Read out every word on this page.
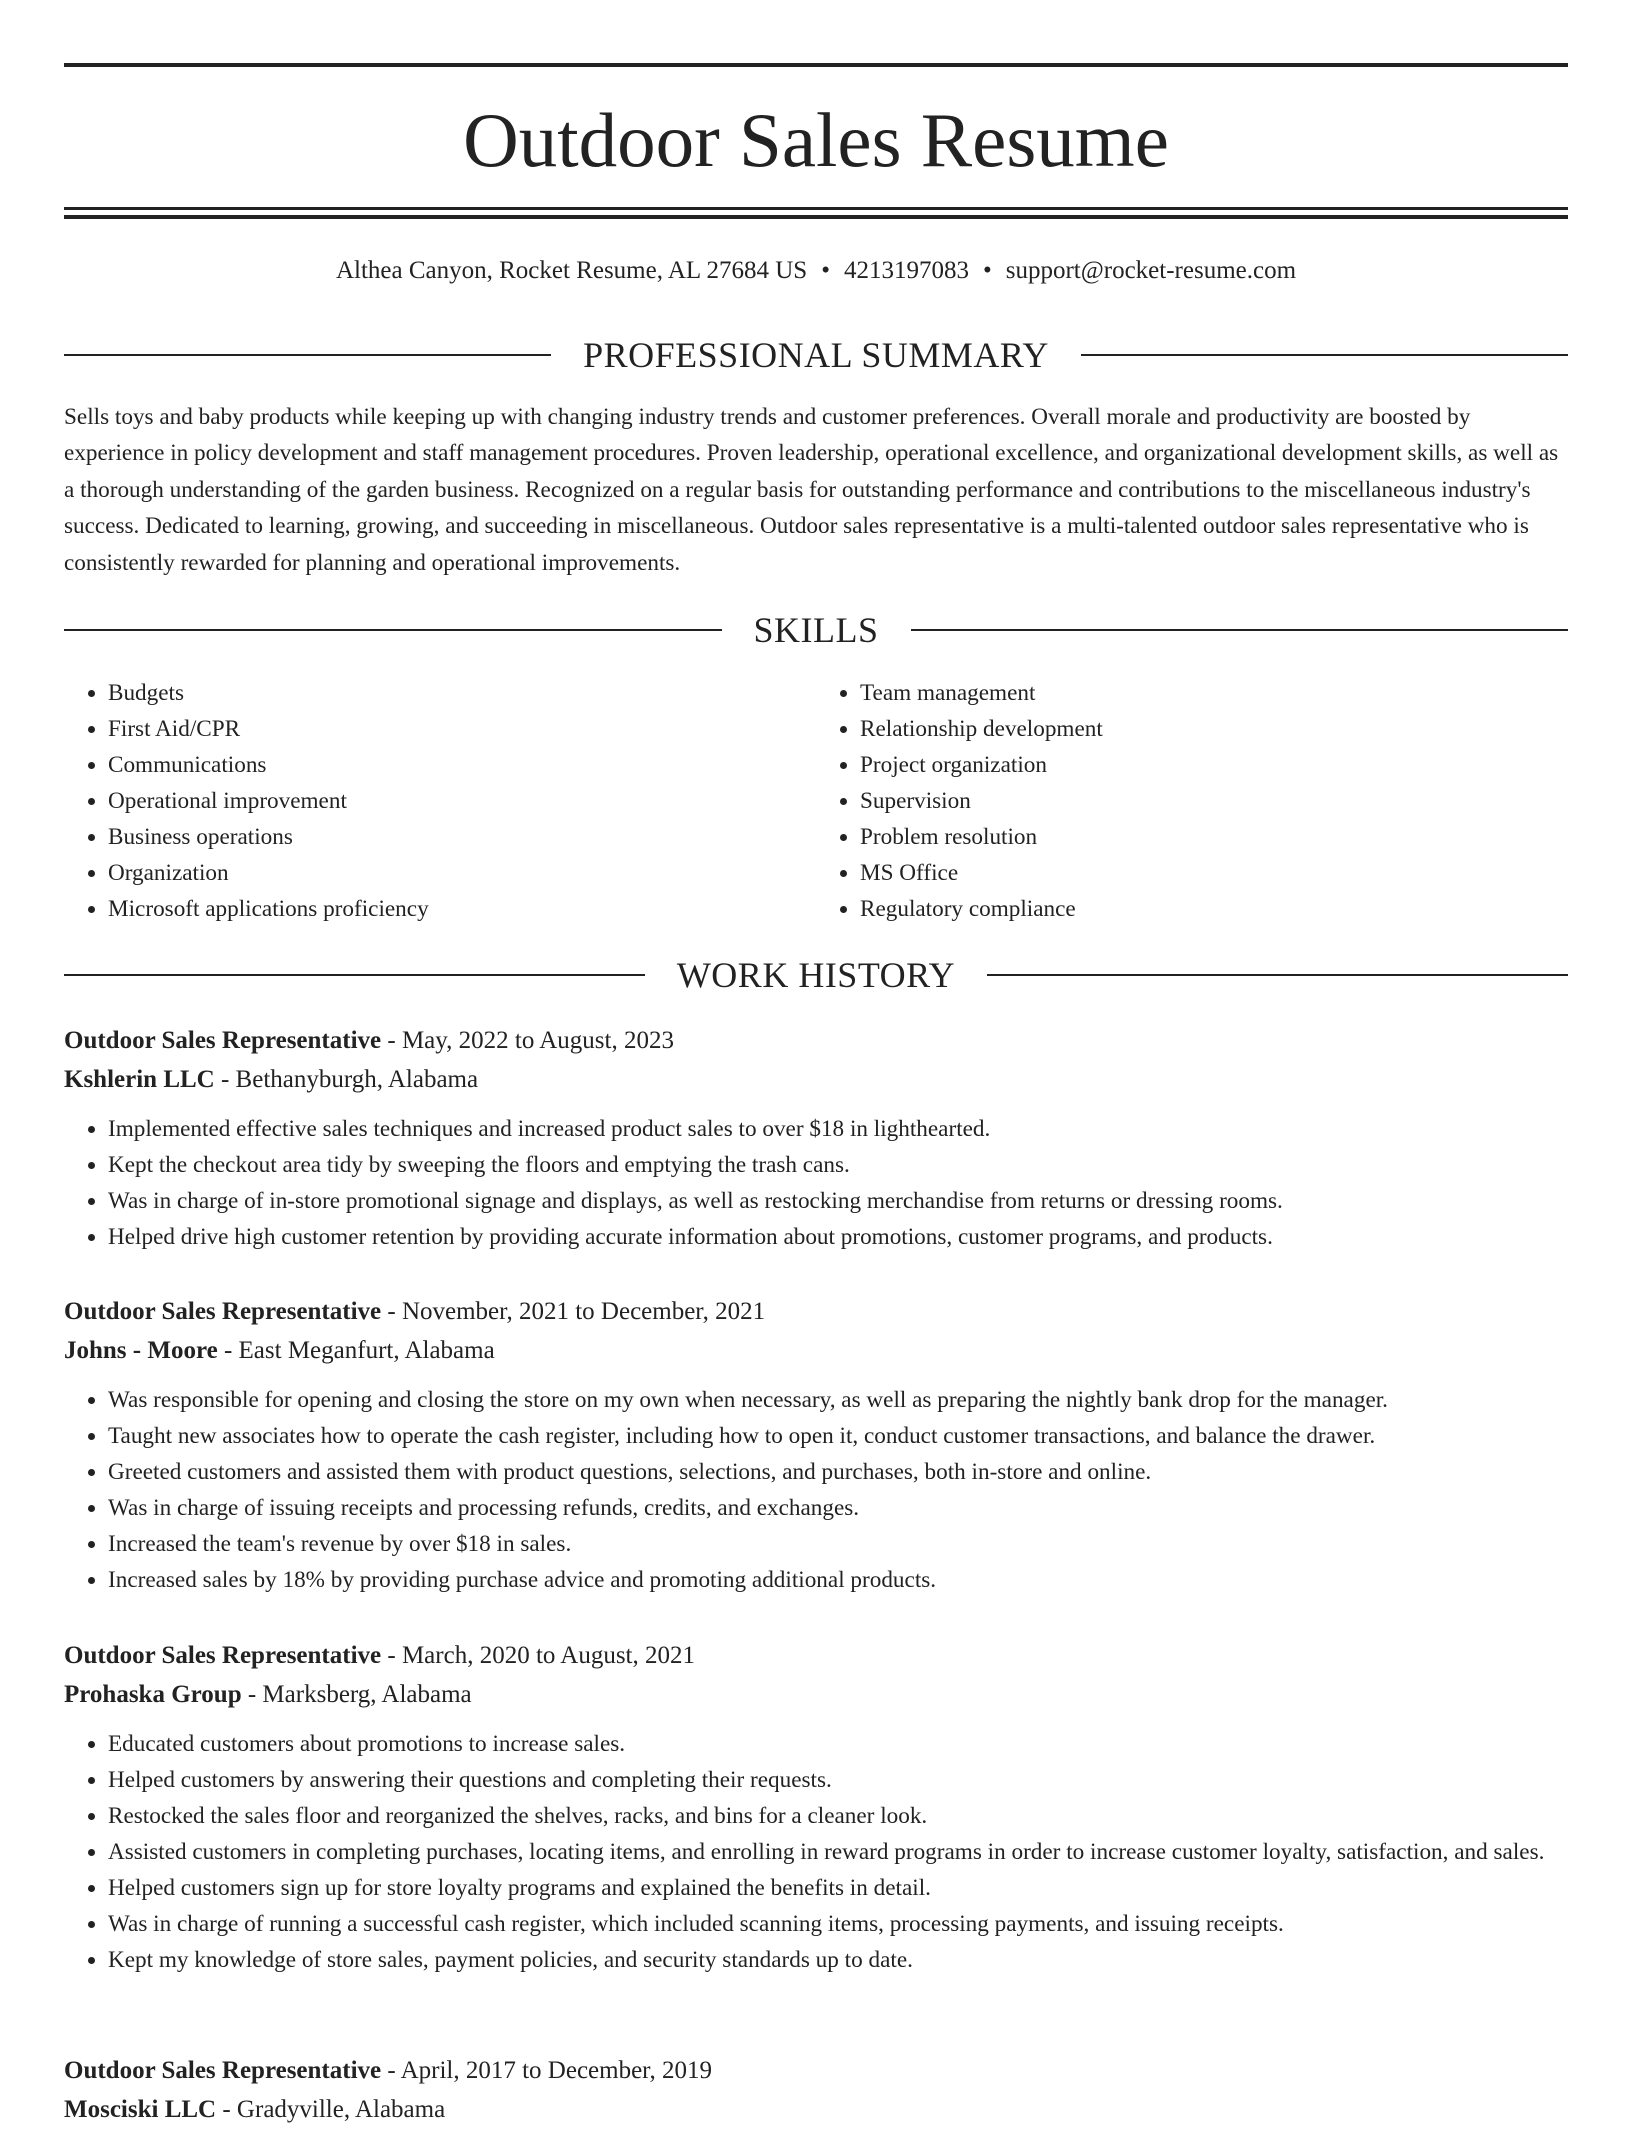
Outdoor Sales Resume
Althea Canyon, Rocket Resume, AL 27684 US • 4213197083 • support@rocket-resume.com
PROFESSIONAL SUMMARY

Sells toys and baby products while keeping up with changing industry trends and customer preferences. Overall morale and productivity are boosted by experience in policy development and staff management procedures. Proven leadership, operational excellence, and organizational development skills, as well as a thorough understanding of the garden business. Recognized on a regular basis for outstanding performance and contributions to the miscellaneous industry's success. Dedicated to learning, growing, and succeeding in miscellaneous. Outdoor sales representative is a multi-talented outdoor sales representative who is consistently rewarded for planning and operational improvements.

SKILLS
• Budgets
• First Aid/CPR
• Communications
• Operational improvement
• Business operations
• Organization
• Microsoft applications proficiency
• Team management
• Relationship development
• Project organization
• Supervision
• Problem resolution
• MS Office
• Regulatory compliance
WORK HISTORY
Outdoor Sales Representative - May, 2022 to August, 2023
Kshlerin LLC - Bethanyburgh, Alabama
• Implemented effective sales techniques and increased product sales to over $18 in lighthearted.
• Kept the checkout area tidy by sweeping the floors and emptying the trash cans.
• Was in charge of in-store promotional signage and displays, as well as restocking merchandise from returns or dressing rooms.
• Helped drive high customer retention by providing accurate information about promotions, customer programs, and products.
Outdoor Sales Representative - November, 2021 to December, 2021
Johns - Moore - East Meganfurt, Alabama
• Was responsible for opening and closing the store on my own when necessary, as well as preparing the nightly bank drop for the manager.
• Taught new associates how to operate the cash register, including how to open it, conduct customer transactions, and balance the drawer.
• Greeted customers and assisted them with product questions, selections, and purchases, both in-store and online.
• Was in charge of issuing receipts and processing refunds, credits, and exchanges.
• Increased the team's revenue by over $18 in sales.
• Increased sales by 18% by providing purchase advice and promoting additional products.
Outdoor Sales Representative - March, 2020 to August, 2021
Prohaska Group - Marksberg, Alabama
• Educated customers about promotions to increase sales.
• Helped customers by answering their questions and completing their requests.
• Restocked the sales floor and reorganized the shelves, racks, and bins for a cleaner look.
• Assisted customers in completing purchases, locating items, and enrolling in reward programs in order to increase customer loyalty, satisfaction, and sales.
• Helped customers sign up for store loyalty programs and explained the benefits in detail.
• Was in charge of running a successful cash register, which included scanning items, processing payments, and issuing receipts.
• Kept my knowledge of store sales, payment policies, and security standards up to date.
Outdoor Sales Representative - April, 2017 to December, 2019
Mosciski LLC - Gradyville, Alabama
